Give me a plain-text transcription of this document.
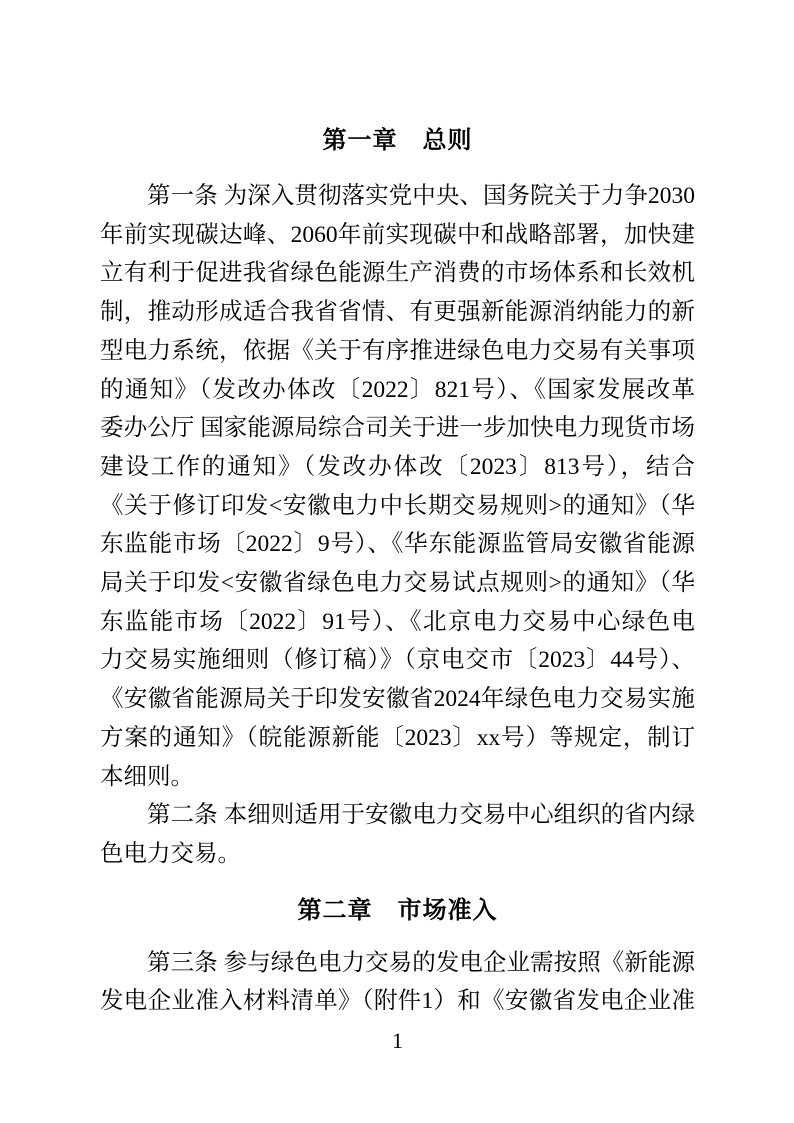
第一章　总则
第一条 为深入贯彻落实党中央、国务院关于力争2030
年前实现碳达峰、2060年前实现碳中和战略部署，加快建
立有利于促进我省绿色能源生产消费的市场体系和长效机
制，推动形成适合我省省情、有更强新能源消纳能力的新
型电力系统，依据《关于有序推进绿色电力交易有关事项
的通知》（发改办体改〔2022〕821号）、《国家发展改革
委办公厅 国家能源局综合司关于进一步加快电力现货市场
建设工作的通知》（发改办体改〔2023〕813号），结合
《关于修订印发<安徽电力中长期交易规则>的通知》（华
东监能市场〔2022〕9号）、《华东能源监管局安徽省能源
局关于印发<安徽省绿色电力交易试点规则>的通知》（华
东监能市场〔2022〕91号）、《北京电力交易中心绿色电
力交易实施细则（修订稿）》（京电交市〔2023〕44号）、
《安徽省能源局关于印发安徽省2024年绿色电力交易实施
方案的通知》（皖能源新能〔2023〕xx号）等规定，制订
本细则。
第二条 本细则适用于安徽电力交易中心组织的省内绿
色电力交易。
第二章　市场准入
第三条 参与绿色电力交易的发电企业需按照《新能源
发电企业准入材料清单》（附件1）和《安徽省发电企业准
1
